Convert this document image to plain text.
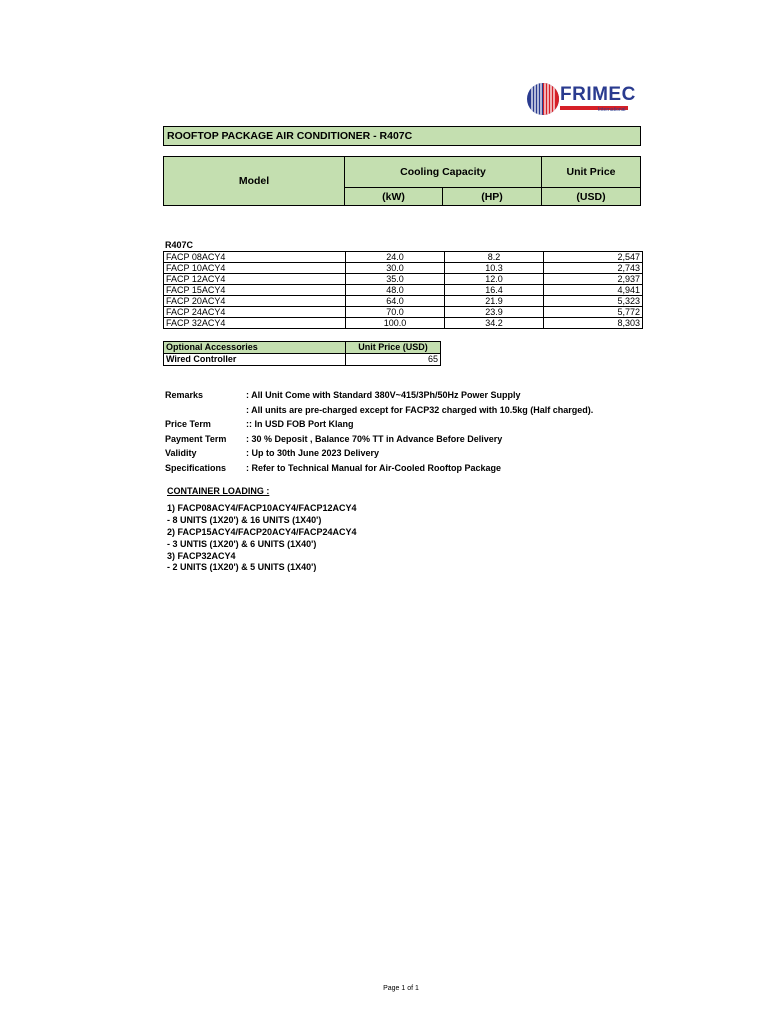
FRIMEC
International
ROOFTOP PACKAGE AIR CONDITIONER - R407C
Model
Cooling Capacity	Unit Price
(kW)	(HP)	(USD)
R407C
FACP 08ACY4	24.0	8.2	2,547
FACP 10ACY4	30.0	10.3	2,743
FACP 12ACY4	35.0	12.0	2,937
FACP 15ACY4	48.0	16.4	4,941
FACP 20ACY4	64.0	21.9	5,323
FACP 24ACY4	70.0	23.9	5,772
FACP 32ACY4	100.0	34.2	8,303
Optional Accessories	Unit Price (USD)
Wired Controller	65
Remarks	: All Unit Come with Standard 380V~415/3Ph/50Hz Power Supply
: All units are pre-charged except for FACP32 charged with 10.5kg (Half charged).
Price Term	:: In USD FOB Port Klang
Payment Term	: 30 % Deposit , Balance 70% TT in Advance Before Delivery
Validity	: Up to 30th June 2023 Delivery
Specifications	: Refer to Technical Manual for Air-Cooled Rooftop Package
CONTAINER LOADING :
1) FACP08ACY4/FACP10ACY4/FACP12ACY4
- 8 UNITS (1X20') & 16 UNITS (1X40')
2) FACP15ACY4/FACP20ACY4/FACP24ACY4
- 3 UNTIS (1X20') & 6 UNITS (1X40')
3) FACP32ACY4
- 2 UNITS (1X20') & 5 UNITS (1X40')
Page 1 of 1
